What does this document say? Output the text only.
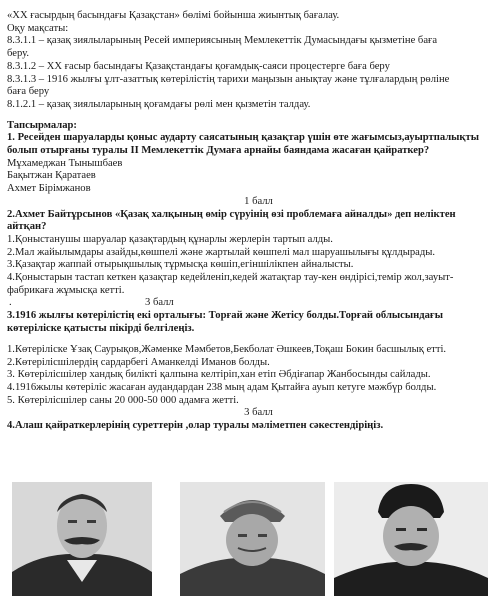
«ХХ ғасырдың басындағы Қазақстан» бөлімі бойынша жиынтық бағалау.
Оқу мақсаты:
8.3.1.1 – қазақ зиялыларының Ресей империясының Мемлекеттік Думасындағы қызметіне баға
беру.
8.3.1.2 – ХХ ғасыр басындағы Қазақстандағы қоғамдық-саяси процестерге баға беру
8.3.1.3 – 1916 жылғы ұлт-азаттық көтерілістің тарихи маңызын анықтау және тұлғалардың рөліне
баға беру
8.1.2.1 – қазақ зиялыларының қоғамдағы рөлі мен қызметін талдау.
Тапсырмалар:
1. Ресейден шаруаларды қоныс аударту саясатының қазақтар үшін өте жағымсыз,ауыртпалықты болып отырғаны туралы ІІ Мемлекеттік Думаға арнайы баяндама жасаған қайраткер?
Мұхамеджан Тынышбаев
Бақытжан Қаратаев
Ахмет Бірімжанов
1 балл
2.Ахмет Байтұрсынов «Қазақ халқының өмір сүруінің өзі проблемаға айналды» деп неліктен айтқан?
1.Қоныстанушы шаруалар қазақтардың құнарлы жерлерін тартып алды.
2.Мал жайылымдары азайды,көшпелі және жартылай көшпелі мал шаруашылығы құлдырады.
3.Қазақтар жаппай отырықшылық тұрмысқа көшіп,егіншілікпен айналысты.
4.Қоныстарын тастап кеткен қазақтар кедейленіп,кедей жатақтар тау-кен өндірісі,темір жол,зауыт-фабрикаға жұмысқа кетті.
.	3 балл
3.1916 жылғы көтерілістің екі орталығы: Торғай және Жетісу болды.Торғай облысындағы көтеріліске қатысты пікірді белгілеңіз.
1.Көтеріліске Ұзақ Саурықов,Жәменке Мәмбетов,Бекболат Әшкеев,Тоқаш Бокин басшылық етті.
2.Көтерілісшілердің сардарбегі Аманкелді Иманов болды.
3. Көтерілісшілер хандық билікті қалпына келтіріп,хан етіп Әбдіғапар Жанбосынды сайлады.
4.1916жылы көтеріліс жасаған аудандардан 238 мың адам Қытайға ауып кетуге мәжбүр болды.
5. Көтерілісшілер саны 20 000-50 000 адамға жетті.
3 балл
4.Алаш қайраткерлерінің суреттерін ,олар туралы мәліметпен сәкестендіріңіз.
